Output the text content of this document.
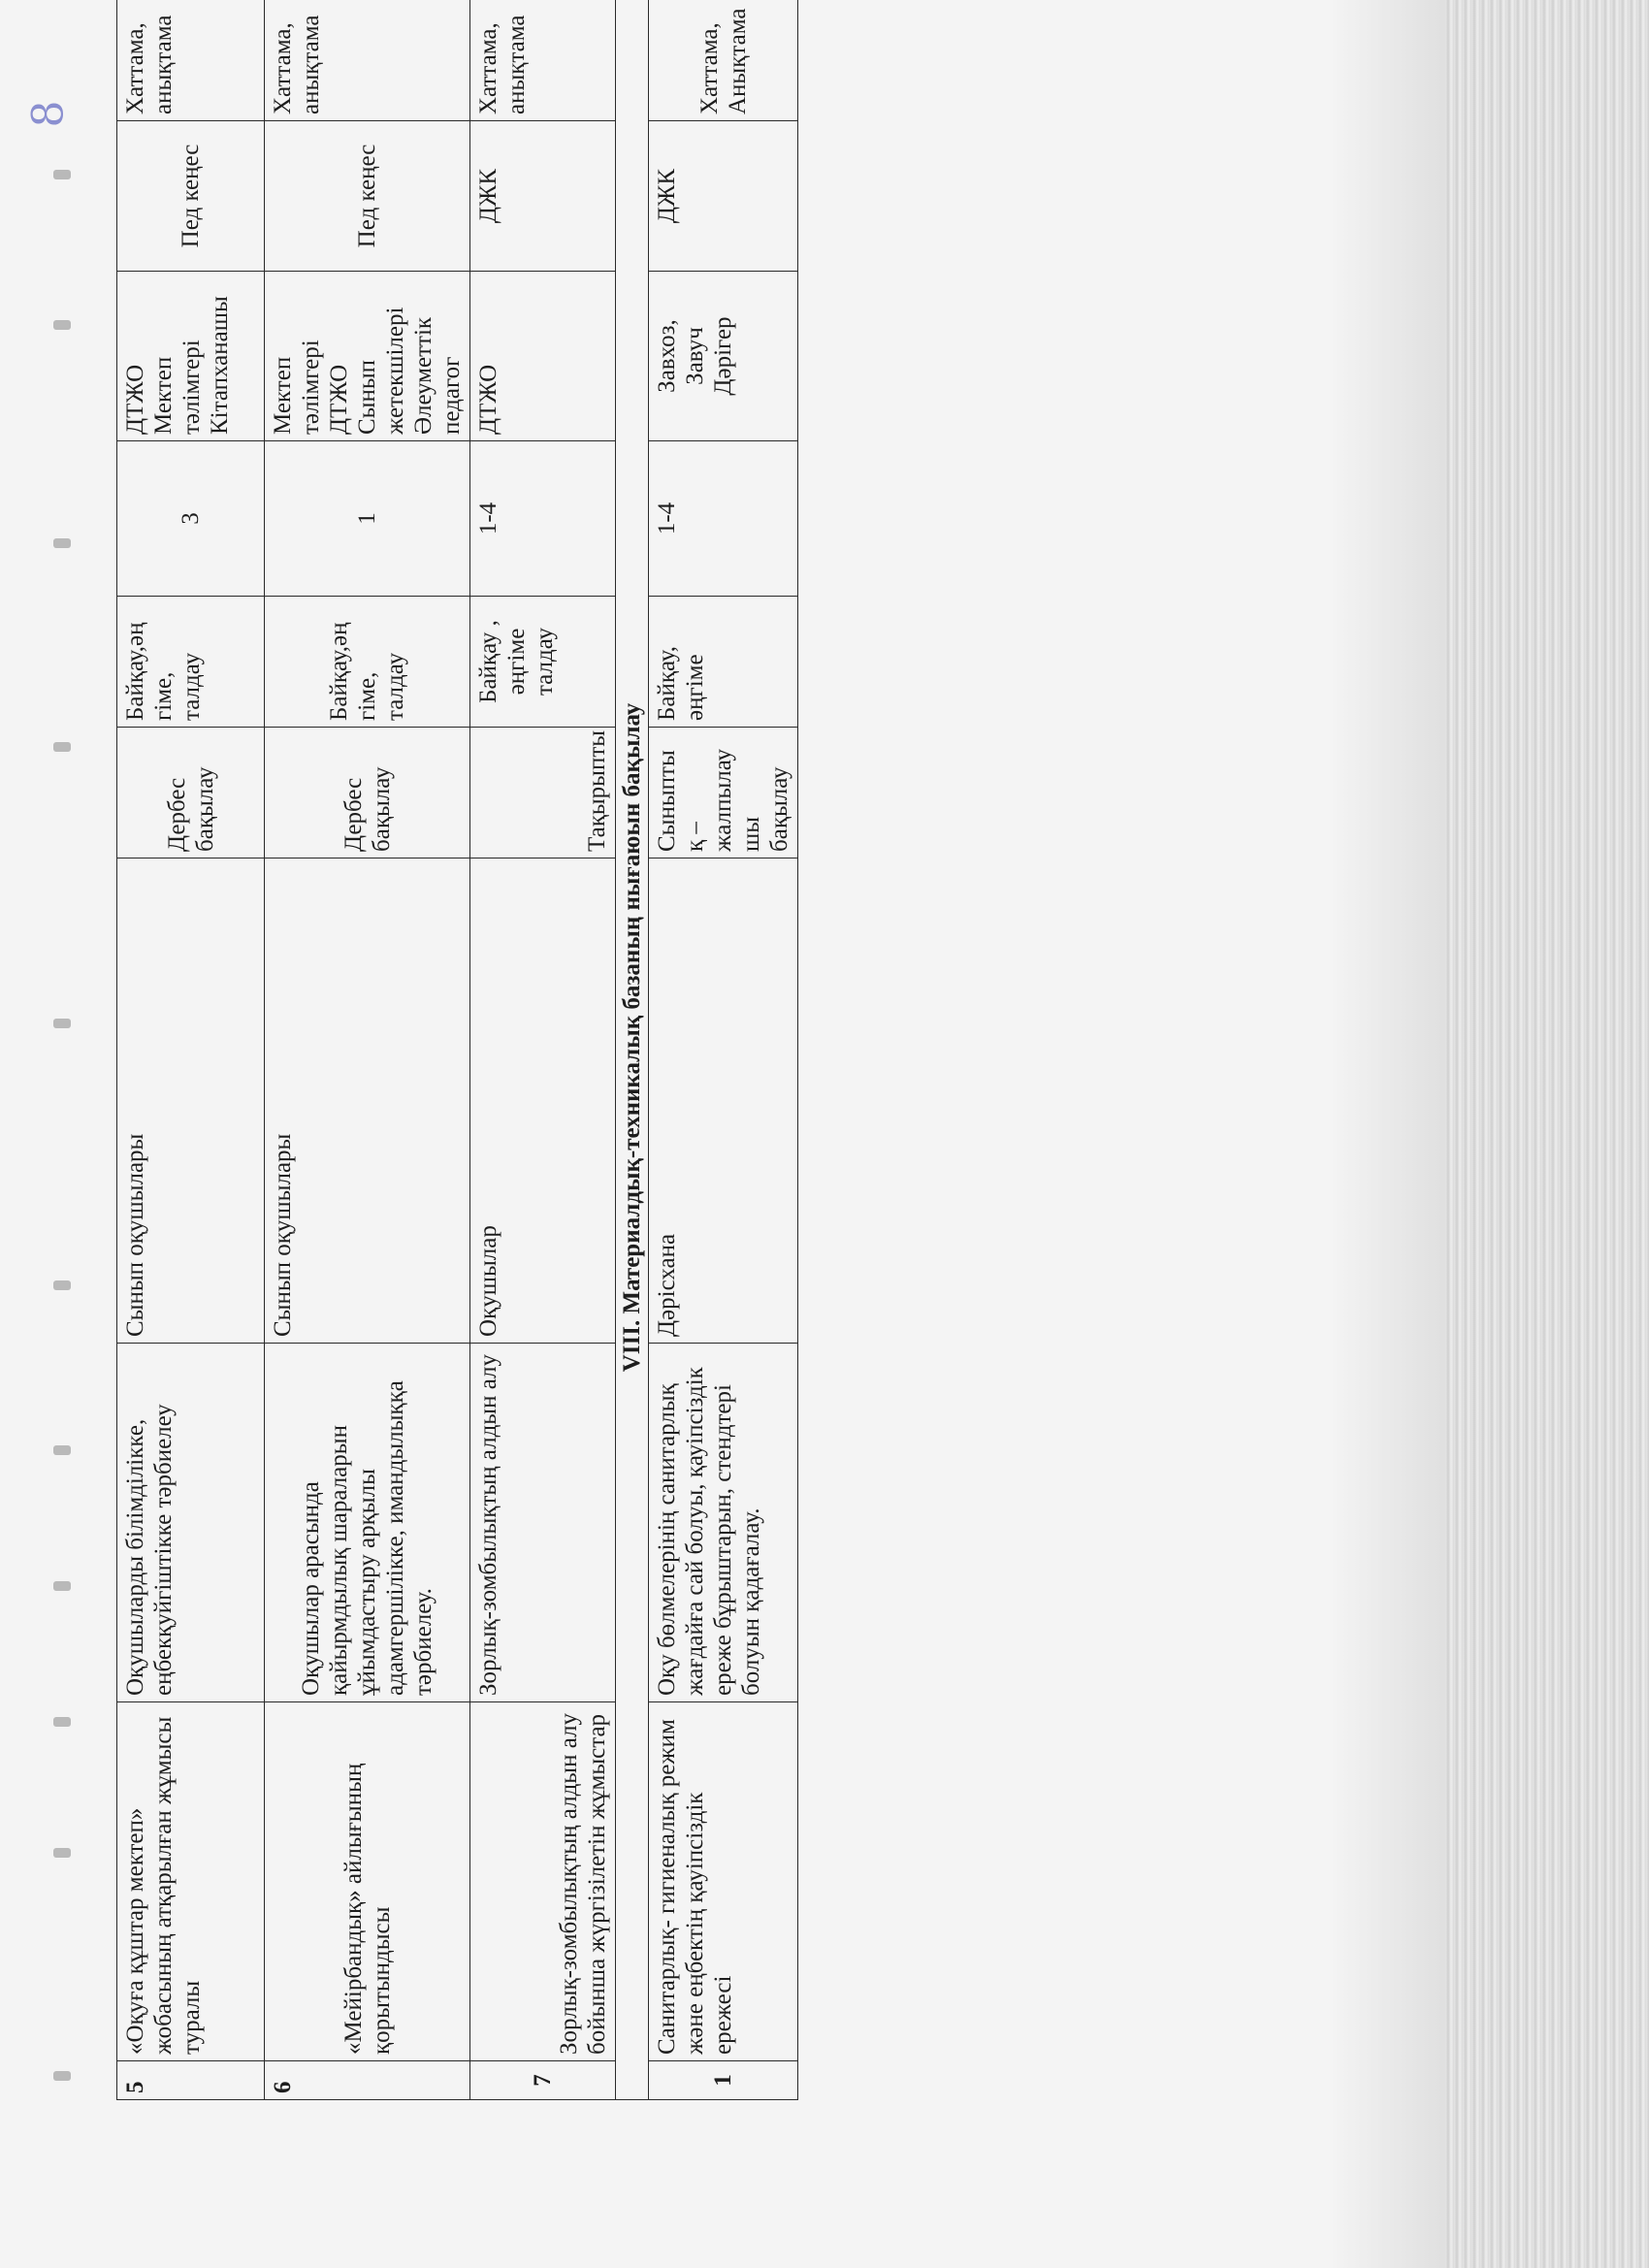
8
5	«Оқуға құштар мектеп» жобасының атқарылған жұмысы туралы	Оқушыларды білімділікке, еңбекқуйгіштікке тәрбиелеу	Сынып оқушылары	Дербес бақылау	Байқау,әң гіме, талдау	3	ДТЖО Мектеп тәлімгері Кітапханашы	Пед кеңес	Хаттама, анықтама
6	«Мейірбандық» айлығының қорытындысы	Оқушылар арасында қайырмдылық шараларын ұйымдастыру арқылы адамгершілікке, имандылыққа тәрбиелеу.	Сынып оқушылары	Дербес бақылау	Байқау,әң гіме, талдау	1	Мектеп тәлімгері ДТЖО Сынып жетекшілері Әлеуметтік педагог	Пед кеңес	Хаттама, анықтама
7	Зорлық-зомбылықтың алдын алу бойынша жүргізілетін жұмыстар	Зорлық-зомбылықтың алдын алу	Оқушылар	Тақырыпты	Байқау , әңгіме талдау	1-4	ДТЖО	ДЖК	Хаттама, анықтама
VIII. Материалдық-техникалық базаның нығаюын бақылау									
1	Санитарлық- гигиеналық режим және еңбектің қауіпсіздік ережесі	Оқу бөлмелерінің санитарлық жағдайға сай болуы, қауіпсіздік ереже бұрыштарын, стендтері болуын қадағалау.	Дәрісхана	Сыныпты қ – жалпылау шы бақылау	Байқау, әңгіме	1-4	Завхоз, Завуч Дәрігер	ДЖК	Хаттама, Анықтама
